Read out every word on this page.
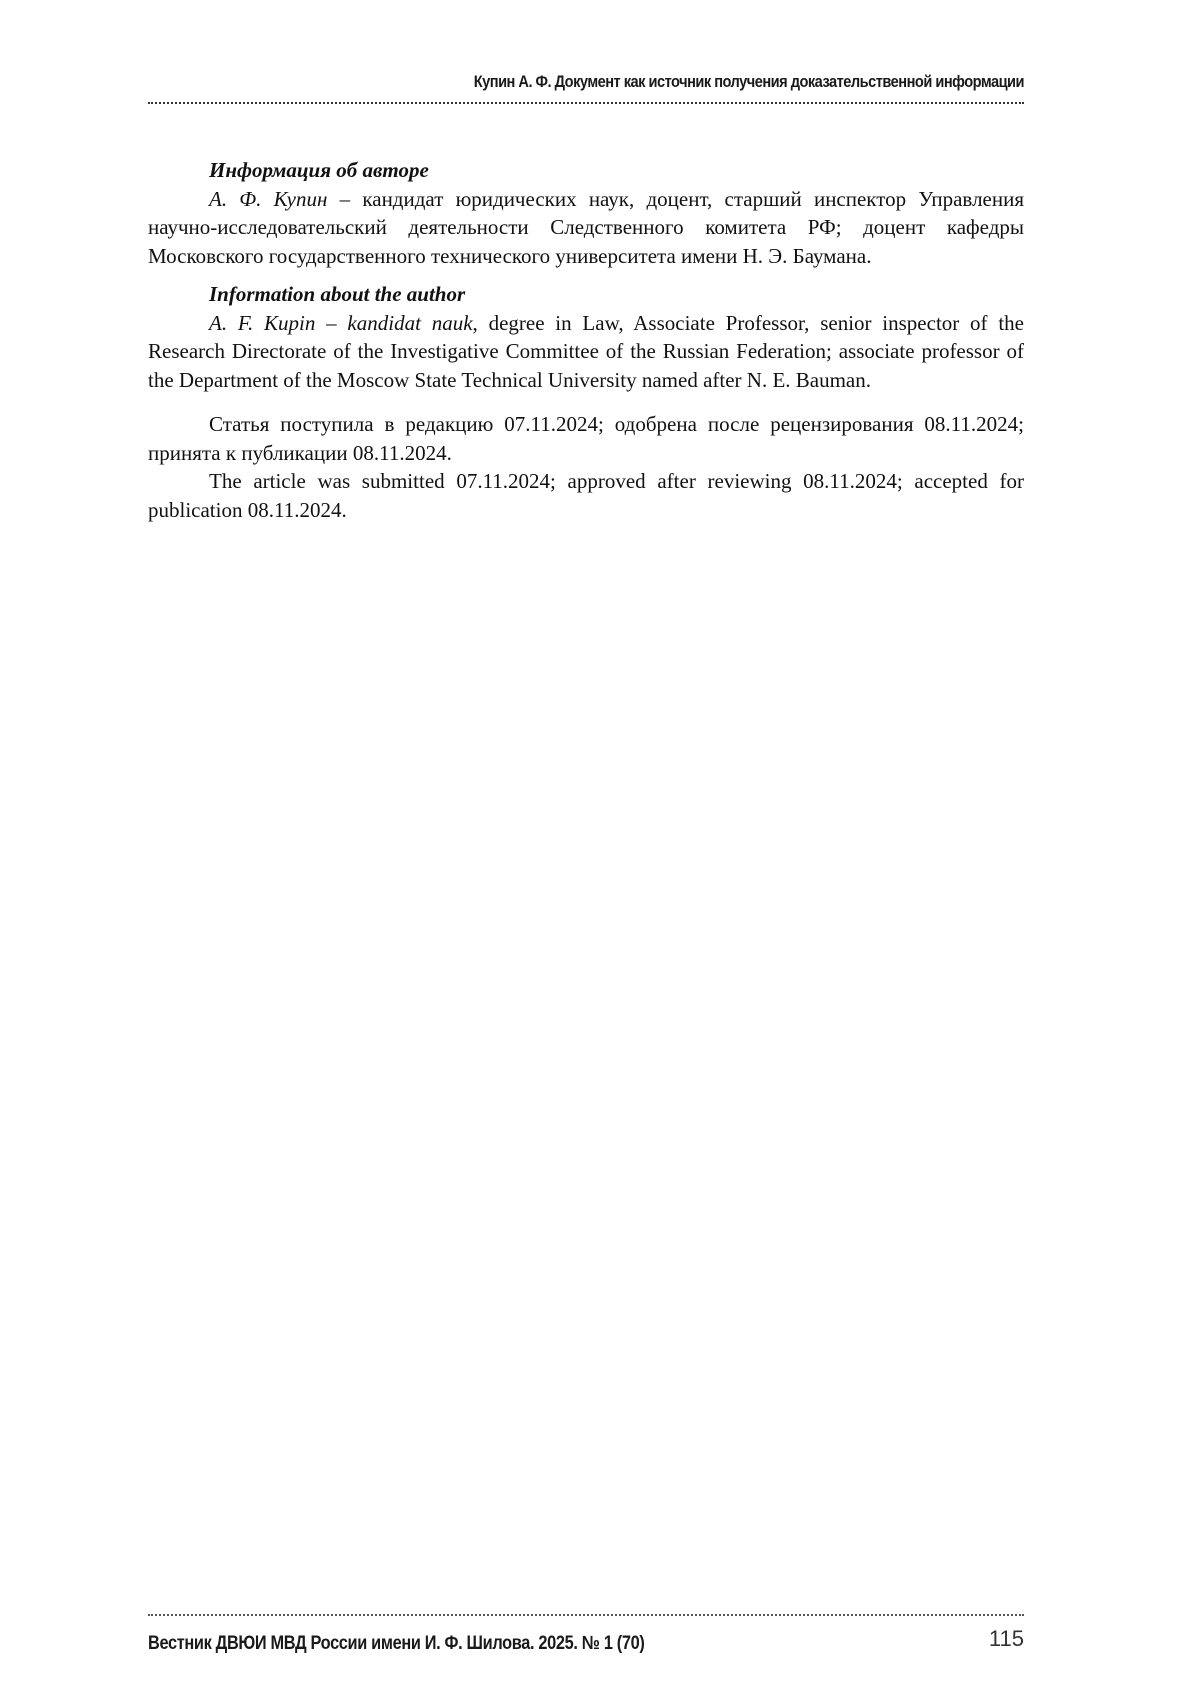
Купин А. Ф. Документ как источник получения доказательственной информации

Информация об авторе

А. Ф. Купин – кандидат юридических наук, доцент, старший инспектор Управления научно-исследовательский деятельности Следственного комитета РФ; доцент кафедры Московского государственного технического университета имени Н. Э. Баумана.

Information about the author

A. F. Kupin – kandidat nauk, degree in Law, Associate Professor, senior inspector of the Research Directorate of the Investigative Committee of the Russian Federation; associate professor of the Department of the Moscow State Technical University named after N. E. Bauman.

Статья поступила в редакцию 07.11.2024; одобрена после рецензирования 08.11.2024; принята к публикации 08.11.2024.

The article was submitted 07.11.2024; approved after reviewing 08.11.2024; accepted for publication 08.11.2024.

Вестник ДВЮИ МВД России имени И. Ф. Шилова. 2025. № 1 (70)	115
